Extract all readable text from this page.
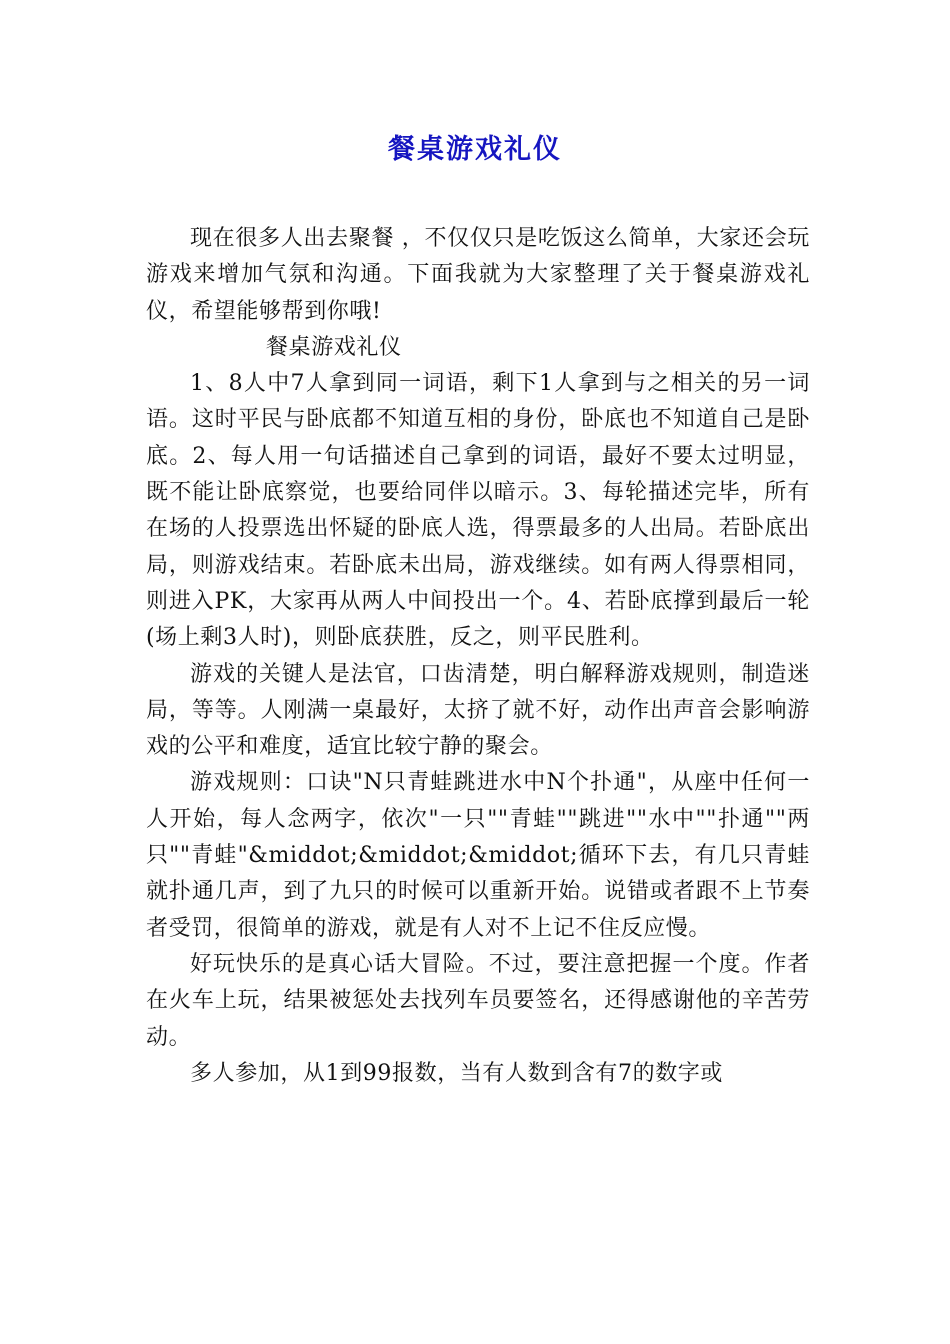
餐桌游戏礼仪

现在很多人出去聚餐 ，不仅仅只是吃饭这么简单，大家还会玩游戏来增加气氛和沟通。下面我就为大家整理了关于餐桌游戏礼仪，希望能够帮到你哦!

餐桌游戏礼仪

1、8人中7人拿到同一词语，剩下1人拿到与之相关的另一词语。这时平民与卧底都不知道互相的身份，卧底也不知道自己是卧底。2、每人用一句话描述自己拿到的词语，最好不要太过明显，既不能让卧底察觉，也要给同伴以暗示。3、每轮描述完毕，所有在场的人投票选出怀疑的卧底人选，得票最多的人出局。若卧底出局，则游戏结束。若卧底未出局，游戏继续。如有两人得票相同，则进入PK，大家再从两人中间投出一个。4、若卧底撑到最后一轮(场上剩3人时)，则卧底获胜，反之，则平民胜利。

游戏的关键人是法官，口齿清楚，明白解释游戏规则，制造迷局，等等。人刚满一桌最好，太挤了就不好，动作出声音会影响游戏的公平和难度，适宜比较宁静的聚会。

游戏规则：口诀"N只青蛙跳进水中N个扑通"，从座中任何一人开始，每人念两字，依次"一只""青蛙""跳进""水中""扑通""两只""青蛙"&middot;&middot;&middot;循环下去，有几只青蛙就扑通几声，到了九只的时候可以重新开始。说错或者跟不上节奏者受罚，很简单的游戏，就是有人对不上记不住反应慢。

好玩快乐的是真心话大冒险。不过，要注意把握一个度。作者在火车上玩，结果被惩处去找列车员要签名，还得感谢他的辛苦劳动。

多人参加，从1到99报数，当有人数到含有7的数字或
